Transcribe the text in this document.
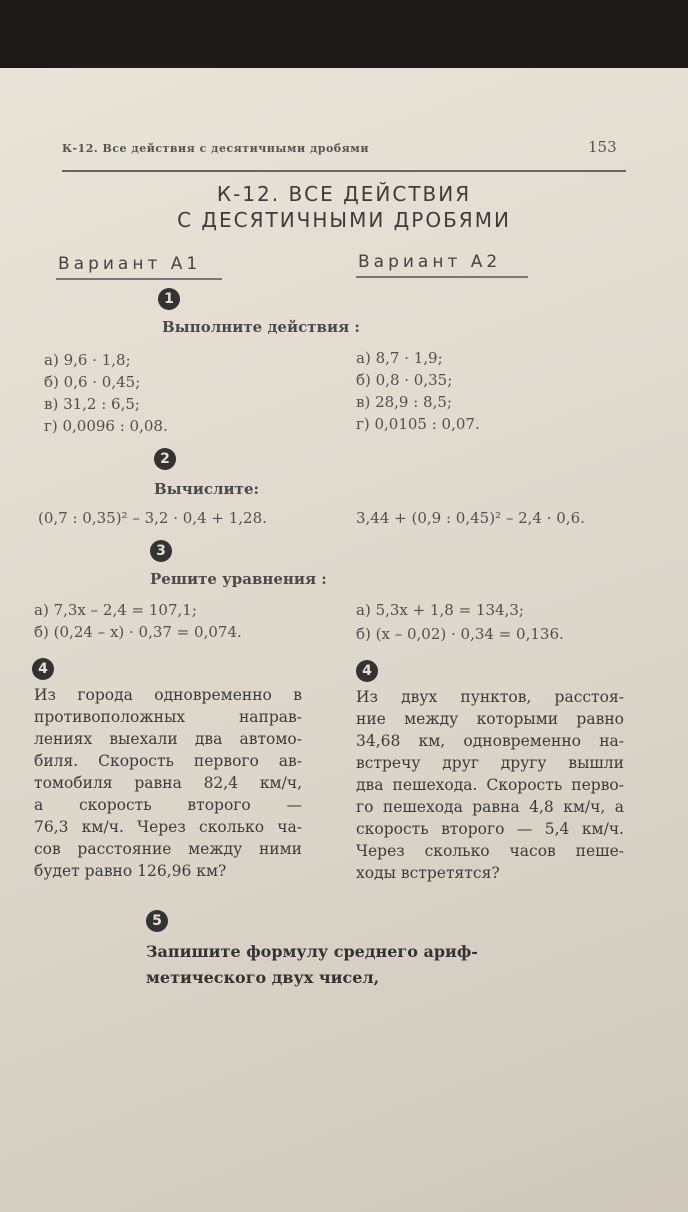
К-12. Все действия с десятичными дробями	153
К-12. ВСЕ ДЕЙСТВИЯ
С ДЕСЯТИЧНЫМИ ДРОБЯМИ
Вариант А1	Вариант А2
1
Выполните действия :
а) 9,6 · 1,8;
б) 0,6 · 0,45;
в) 31,2 : 6,5;
г) 0,0096 : 0,08.
а) 8,7 · 1,9;
б) 0,8 · 0,35;
в) 28,9 : 8,5;
г) 0,0105 : 0,07.
2
Вычислите:
(0,7 : 0,35)² – 3,2 · 0,4 + 1,28.	3,44 + (0,9 : 0,45)² – 2,4 · 0,6.
3
Решите уравнения :
а) 7,3x – 2,4 = 107,1;
б) (0,24 – x) · 0,37 = 0,074.
а) 5,3x + 1,8 = 134,3;
б) (x – 0,02) · 0,34 = 0,136.
4	4
Из города одновременно в
противоположных направ-
лениях выехали два автомо-
биля. Скорость первого ав-
томобиля равна 82,4 км/ч,
а скорость второго —
76,3 км/ч. Через сколько ча-
сов расстояние между ними
будет равно 126,96 км?
Из двух пунктов, расстоя-
ние между которыми равно
34,68 км, одновременно на-
встречу друг другу вышли
два пешехода. Скорость перво-
го пешехода равна 4,8 км/ч, а
скорость второго — 5,4 км/ч.
Через сколько часов пеше-
ходы встретятся?
5
Запишите формулу среднего ариф-
метического двух чисел,
